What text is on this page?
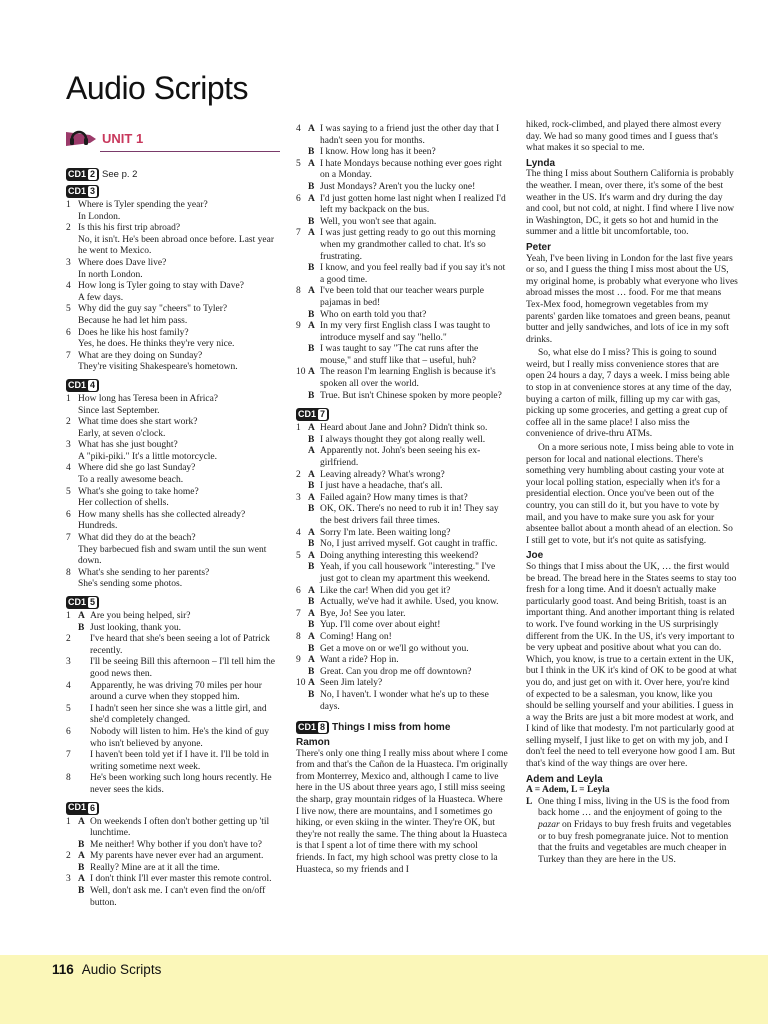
Audio Scripts
UNIT 1
CD1 2 See p. 2
CD1 3
1 Where is Tyler spending the year?
In London.
2 Is this his first trip abroad?
No, it isn't. He's been abroad once before. Last year he went to Mexico.
3 Where does Dave live?
In north London.
4 How long is Tyler going to stay with Dave?
A few days.
5 Why did the guy say "cheers" to Tyler?
Because he had let him pass.
6 Does he like his host family?
Yes, he does. He thinks they're very nice.
7 What are they doing on Sunday?
They're visiting Shakespeare's hometown.
CD1 4
1 How long has Teresa been in Africa?
Since last September.
2 What time does she start work?
Early, at seven o'clock.
3 What has she just bought?
A "piki-piki." It's a little motorcycle.
4 Where did she go last Sunday?
To a really awesome beach.
5 What's she going to take home?
Her collection of shells.
6 How many shells has she collected already?
Hundreds.
7 What did they do at the beach?
They barbecued fish and swam until the sun went down.
8 What's she sending to her parents?
She's sending some photos.
CD1 5
1 A Are you being helped, sir?
B Just looking, thank you.
2	I've heard that she's been seeing a lot of Patrick recently.
3	I'll be seeing Bill this afternoon – I'll tell him the good news then.
4	Apparently, he was driving 70 miles per hour around a curve when they stopped him.
5	I hadn't seen her since she was a little girl, and she'd completely changed.
6	Nobody will listen to him. He's the kind of guy who isn't believed by anyone.
7	I haven't been told yet if I have it. I'll be told in writing sometime next week.
8	He's been working such long hours recently. He never sees the kids.
CD1 6
1 A On weekends I often don't bother getting up 'til lunchtime.
B Me neither! Why bother if you don't have to?
2 A My parents have never ever had an argument.
B Really? Mine are at it all the time.
3 A I don't think I'll ever master this remote control.
B Well, don't ask me. I can't even find the on/off button.
4 A I was saying to a friend just the other day that I hadn't seen you for months.
B I know. How long has it been?
5 A I hate Mondays because nothing ever goes right on a Monday.
B Just Mondays? Aren't you the lucky one!
6 A I'd just gotten home last night when I realized I'd left my backpack on the bus.
B Well, you won't see that again.
7 A I was just getting ready to go out this morning when my grandmother called to chat. It's so frustrating.
B I know, and you feel really bad if you say it's not a good time.
8 A I've been told that our teacher wears purple pajamas in bed!
B Who on earth told you that?
9 A In my very first English class I was taught to introduce myself and say "hello."
B I was taught to say "The cat runs after the mouse," and stuff like that – useful, huh?
10 A The reason I'm learning English is because it's spoken all over the world.
B True. But isn't Chinese spoken by more people?
CD1 7
1 A Heard about Jane and John? Didn't think so.
B I always thought they got along really well.
A Apparently not. John's been seeing his ex-girlfriend.
2 A Leaving already? What's wrong?
B I just have a headache, that's all.
3 A Failed again? How many times is that?
B OK, OK. There's no need to rub it in! They say the best drivers fail three times.
4 A Sorry I'm late. Been waiting long?
B No, I just arrived myself. Got caught in traffic.
5 A Doing anything interesting this weekend?
B Yeah, if you call housework "interesting." I've just got to clean my apartment this weekend.
6 A Like the car! When did you get it?
B Actually, we've had it awhile. Used, you know.
7 A Bye, Jo! See you later.
B Yup. I'll come over about eight!
8 A Coming! Hang on!
B Get a move on or we'll go without you.
9 A Want a ride? Hop in.
B Great. Can you drop me off downtown?
10 A Seen Jim lately?
B No, I haven't. I wonder what he's up to these days.
CD1 8 Things I miss from home
Ramon
There's only one thing I really miss about where I come from and that's the Cañon de la Huasteca. I'm originally from Monterrey, Mexico and, although I came to live here in the US about three years ago, I still miss seeing the sharp, gray mountain ridges of la Huasteca. Where I live now, there are mountains, and I sometimes go hiking, or even skiing in the winter. They're OK, but they're not really the same. The thing about la Huasteca is that I spent a lot of time there with my school friends. In fact, my high school was pretty close to la Huasteca, so my friends and I
hiked, rock-climbed, and played there almost every day. We had so many good times and I guess that's what makes it so special to me.
Lynda
The thing I miss about Southern California is probably the weather. I mean, over there, it's some of the best weather in the US. It's warm and dry during the day and cool, but not cold, at night. I find where I live now in Washington, DC, it gets so hot and humid in the summer and a little bit uncomfortable, too.
Peter
Yeah, I've been living in London for the last five years or so, and I guess the thing I miss most about the US, my original home, is probably what everyone who lives abroad misses the most … food. For me that means Tex-Mex food, homegrown vegetables from my parents' garden like tomatoes and green beans, peanut butter and jelly sandwiches, and lots of ice in my soft drinks.
So, what else do I miss? This is going to sound weird, but I really miss convenience stores that are open 24 hours a day, 7 days a week. I miss being able to stop in at convenience stores at any time of the day, buying a carton of milk, filling up my car with gas, picking up some groceries, and getting a great cup of coffee all in the same place! I also miss the convenience of drive-thru ATMs.
On a more serious note, I miss being able to vote in person for local and national elections. There's something very humbling about casting your vote at your local polling station, especially when it's for a presidential election. Once you've been out of the country, you can still do it, but you have to vote by mail, and you have to make sure you ask for your absentee ballot about a month ahead of an election. So I still get to vote, but it's not quite as satisfying.
Joe
So things that I miss about the UK, … the first would be bread. The bread here in the States seems to stay too fresh for a long time. And it doesn't actually make particularly good toast. And being British, toast is an important thing. And another important thing is related to work. I've found working in the US surprisingly different from the UK. In the US, it's very important to be very upbeat and positive about what you can do. Which, you know, is true to a certain extent in the UK, but I think in the UK it's kind of OK to be good at what you do, and just get on with it. Over here, you're kind of expected to be a salesman, you know, like you should be selling yourself and your abilities. I guess in a way the Brits are just a bit more modest at work, and I kind of like that modesty. I'm not particularly good at selling myself, I just like to get on with my job, and I don't feel the need to tell everyone how good I am. But that's kind of the way things are over here.
Adem and Leyla
A = Adem, L = Leyla
L One thing I miss, living in the US is the food from back home … and the enjoyment of going to the pazar on Fridays to buy fresh fruits and vegetables or to buy fresh pomegranate juice. Not to mention that the fruits and vegetables are much cheaper in Turkey than they are here in the US.
116 Audio Scripts
